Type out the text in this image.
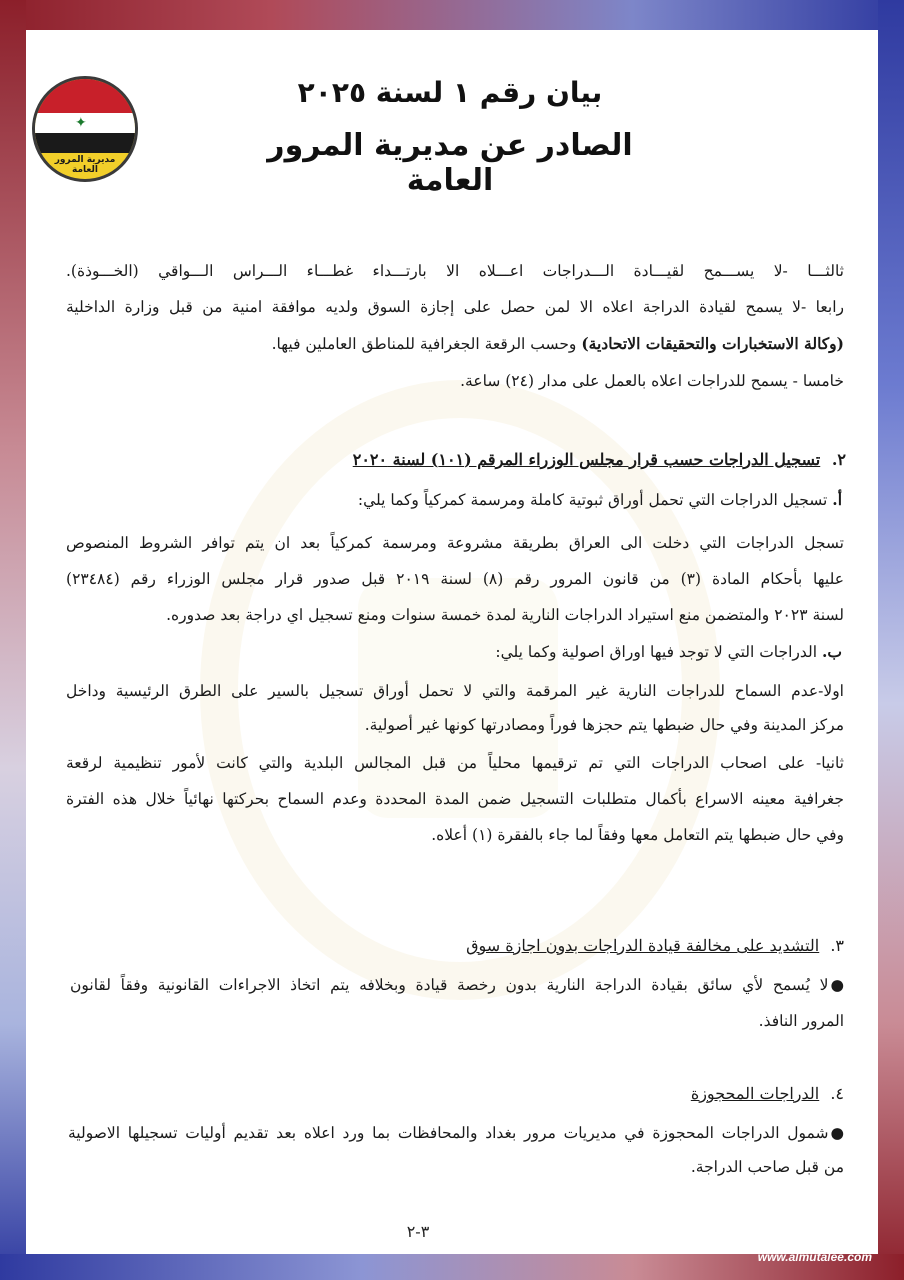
✦
مديرية المرور العامة
بيان رقم ١ لسنة ٢٠٢٥
الصادر عن مديرية المرور العامة
ثالثـــا -لا يســـمح لقيـــادة الـــدراجات اعـــلاه الا بارتـــداء غطـــاء الـــراس الـــواقي (الخـــوذة).
رابعا -لا يسمح لقيادة الدراجة اعلاه الا لمن حصل على إجازة السوق ولديه موافقة امنية من قبل وزارة الداخلية
(وكالة الاستخبارات والتحقيقات الاتحادية) وحسب الرقعة الجغرافية للمناطق العاملين فيها.
خامسا - يسمح للدراجات اعلاه بالعمل على مدار (٢٤) ساعة.
٢. تسجيل الدراجات حسب قرار مجلس الوزراء المرقم (١٠١) لسنة ٢٠٢٠
أ. تسجيل الدراجات التي تحمل أوراق ثبوتية كاملة ومرسمة كمركياً وكما يلي:
تسجل الدراجات التي دخلت الى العراق بطريقة مشروعة ومرسمة كمركياً بعد ان يتم توافر الشروط المنصوص
عليها بأحكام المادة (٣) من قانون المرور رقم (٨) لسنة ٢٠١٩ قبل صدور قرار مجلس الوزراء رقم (٢٣٤٨٤)
لسنة ٢٠٢٣ والمتضمن منع استيراد الدراجات النارية لمدة خمسة سنوات ومنع تسجيل اي دراجة بعد صدوره.
ب. الدراجات التي لا توجد فيها اوراق اصولية وكما يلي:
اولا-عدم السماح للدراجات النارية غير المرقمة والتي لا تحمل أوراق تسجيل بالسير على الطرق الرئيسية وداخل
مركز المدينة وفي حال ضبطها يتم حجزها فوراً ومصادرتها كونها غير أصولية.
ثانيا- على اصحاب الدراجات التي تم ترقيمها محلياً من قبل المجالس البلدية والتي كانت لأمور تنظيمية لرقعة
جغرافية معينه الاسراع بأكمال متطلبات التسجيل ضمن المدة المحددة وعدم السماح بحركتها نهائياً خلال هذه الفترة
وفي حال ضبطها يتم التعامل معها وفقاً لما جاء بالفقرة (١) أعلاه.
٣. التشديد على مخالفة قيادة الدراجات بدون اجازة سوق
●لا يُسمح لأي سائق بقيادة الدراجة النارية بدون رخصة قيادة وبخلافه يتم اتخاذ الاجراءات القانونية وفقاً لقانون
المرور النافذ.
٤. الدراجات المحجوزة
●شمول الدراجات المحجوزة في مديريات مرور بغداد والمحافظات بما ورد اعلاه بعد تقديم أوليات تسجيلها الاصولية
من قبل صاحب الدراجة.
٣-٢
www.almutalee.com
